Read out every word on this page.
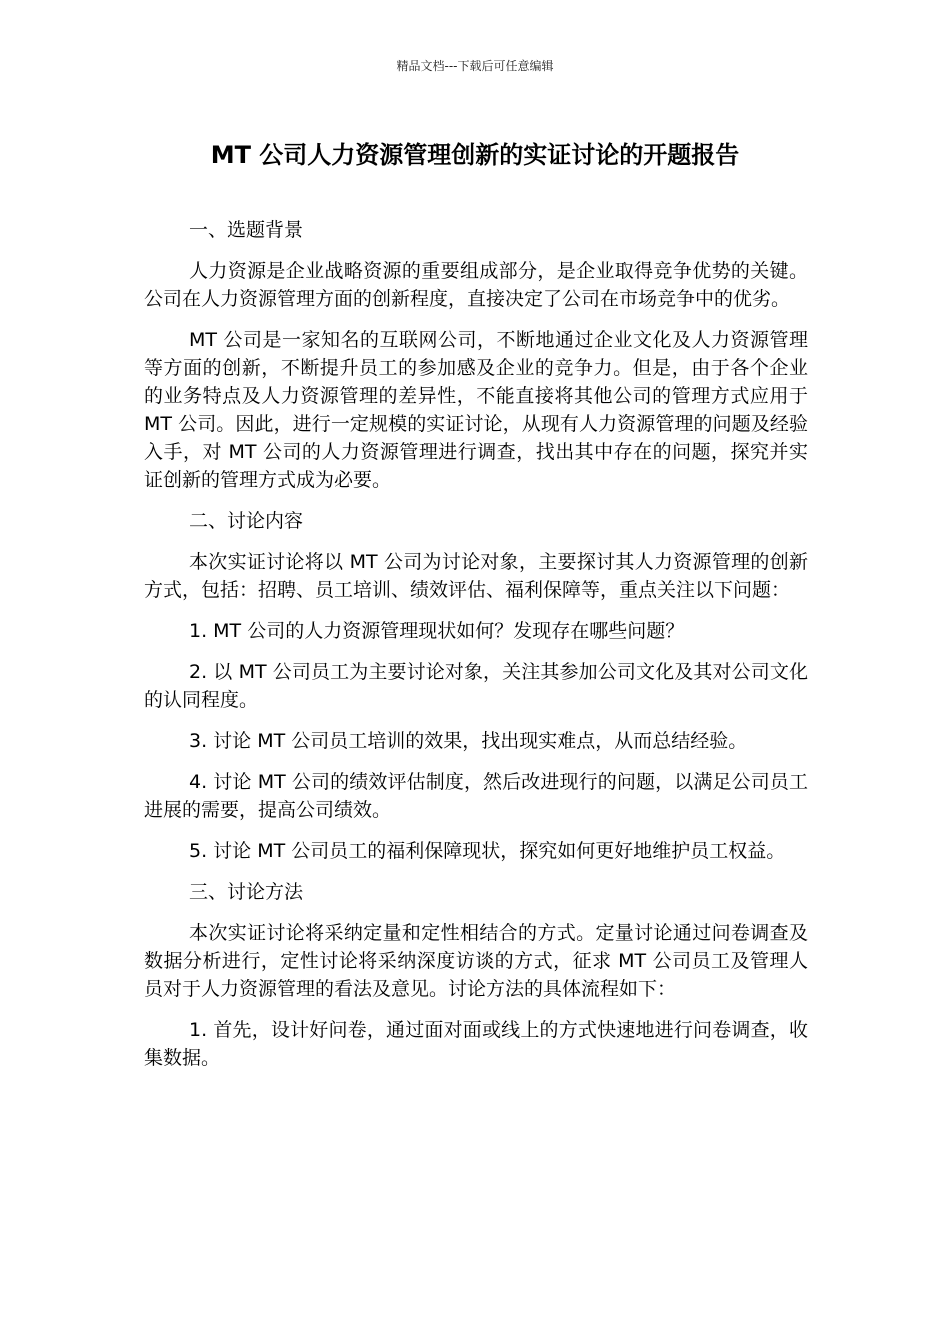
精品文档---下载后可任意编辑
MT 公司人力资源管理创新的实证讨论的开题报告

一、选题背景

人力资源是企业战略资源的重要组成部分，是企业取得竞争优势的关键。公司在人力资源管理方面的创新程度，直接决定了公司在市场竞争中的优劣。

MT 公司是一家知名的互联网公司，不断地通过企业文化及人力资源管理等方面的创新，不断提升员工的参加感及企业的竞争力。但是，由于各个企业的业务特点及人力资源管理的差异性，不能直接将其他公司的管理方式应用于 MT 公司。因此，进行一定规模的实证讨论，从现有人力资源管理的问题及经验入手，对 MT 公司的人力资源管理进行调查，找出其中存在的问题，探究并实证创新的管理方式成为必要。

二、讨论内容

本次实证讨论将以 MT 公司为讨论对象，主要探讨其人力资源管理的创新方式，包括：招聘、员工培训、绩效评估、福利保障等，重点关注以下问题：

1. MT 公司的人力资源管理现状如何？发现存在哪些问题？

2. 以 MT 公司员工为主要讨论对象，关注其参加公司文化及其对公司文化的认同程度。

3. 讨论 MT 公司员工培训的效果，找出现实难点，从而总结经验。

4. 讨论 MT 公司的绩效评估制度，然后改进现行的问题，以满足公司员工进展的需要，提高公司绩效。

5. 讨论 MT 公司员工的福利保障现状，探究如何更好地维护员工权益。

三、讨论方法

本次实证讨论将采纳定量和定性相结合的方式。定量讨论通过问卷调查及数据分析进行，定性讨论将采纳深度访谈的方式，征求 MT 公司员工及管理人员对于人力资源管理的看法及意见。讨论方法的具体流程如下：

1. 首先，设计好问卷，通过面对面或线上的方式快速地进行问卷调查，收集数据。
